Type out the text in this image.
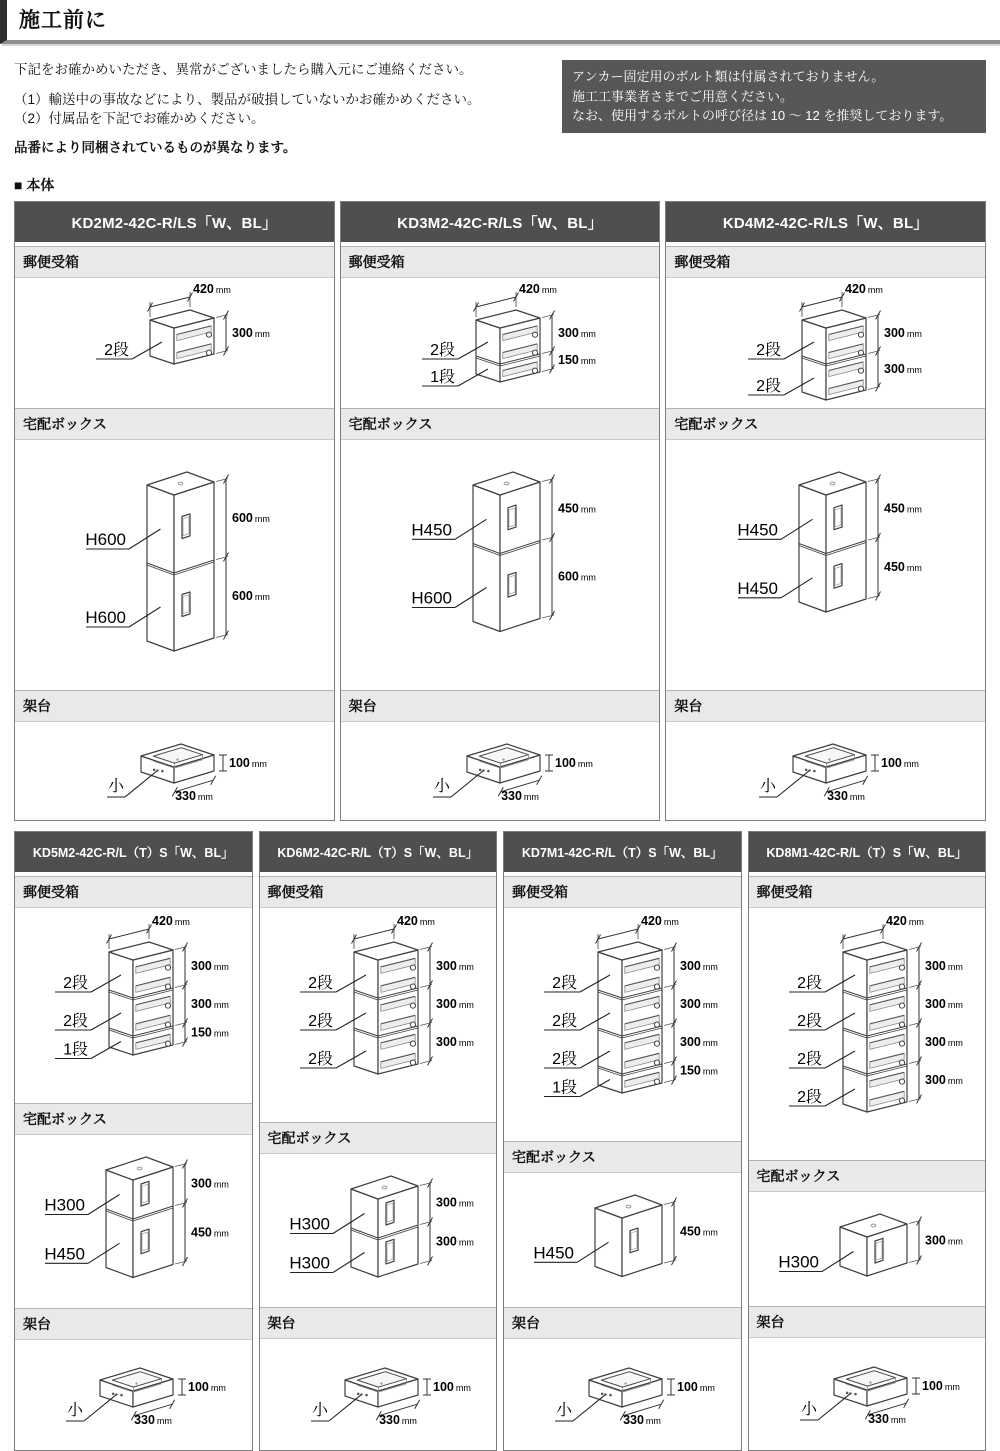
施工前に
下記をお確かめいただき、異常がございましたら購入元にご連絡ください。
（1）輸送中の事故などにより、製品が破損していないかお確かめください。
（2）付属品を下記でお確かめください。
品番により同梱されているものが異なります。
アンカー固定用のボルト類は付属されておりません。
施工工事業者さまでご用意ください。
なお、使用するボルトの呼び径は 10 ～ 12 を推奨しております。
■ 本体
KD2M2-42C-R/LS「W、BL」
郵便受箱
2段
420 mm
300 mm
宅配ボックス
H600
H600
600 mm
600 mm
架台
小
100 mm
330 mm
KD3M2-42C-R/LS「W、BL」
郵便受箱
2段
1段
420 mm
300 mm
150 mm
宅配ボックス
H450
H600
450 mm
600 mm
架台
小
100 mm
330 mm
KD4M2-42C-R/LS「W、BL」
郵便受箱
2段
2段
420 mm
300 mm
300 mm
宅配ボックス
H450
H450
450 mm
450 mm
架台
小
100 mm
330 mm
KD5M2-42C-R/L（T）S「W、BL」
郵便受箱
2段
2段
1段
420 mm
300 mm
300 mm
150 mm
宅配ボックス
H300
H450
300 mm
450 mm
架台
小
100 mm
330 mm
KD6M2-42C-R/L（T）S「W、BL」
郵便受箱
2段
2段
2段
420 mm
300 mm
300 mm
300 mm
宅配ボックス
H300
H300
300 mm
300 mm
架台
小
100 mm
330 mm
KD7M1-42C-R/L（T）S「W、BL」
郵便受箱
2段
2段
2段
1段
420 mm
300 mm
300 mm
300 mm
150 mm
宅配ボックス
H450
450 mm
架台
小
100 mm
330 mm
KD8M1-42C-R/L（T）S「W、BL」
郵便受箱
2段
2段
2段
2段
420 mm
300 mm
300 mm
300 mm
300 mm
宅配ボックス
H300
300 mm
架台
小
100 mm
330 mm
